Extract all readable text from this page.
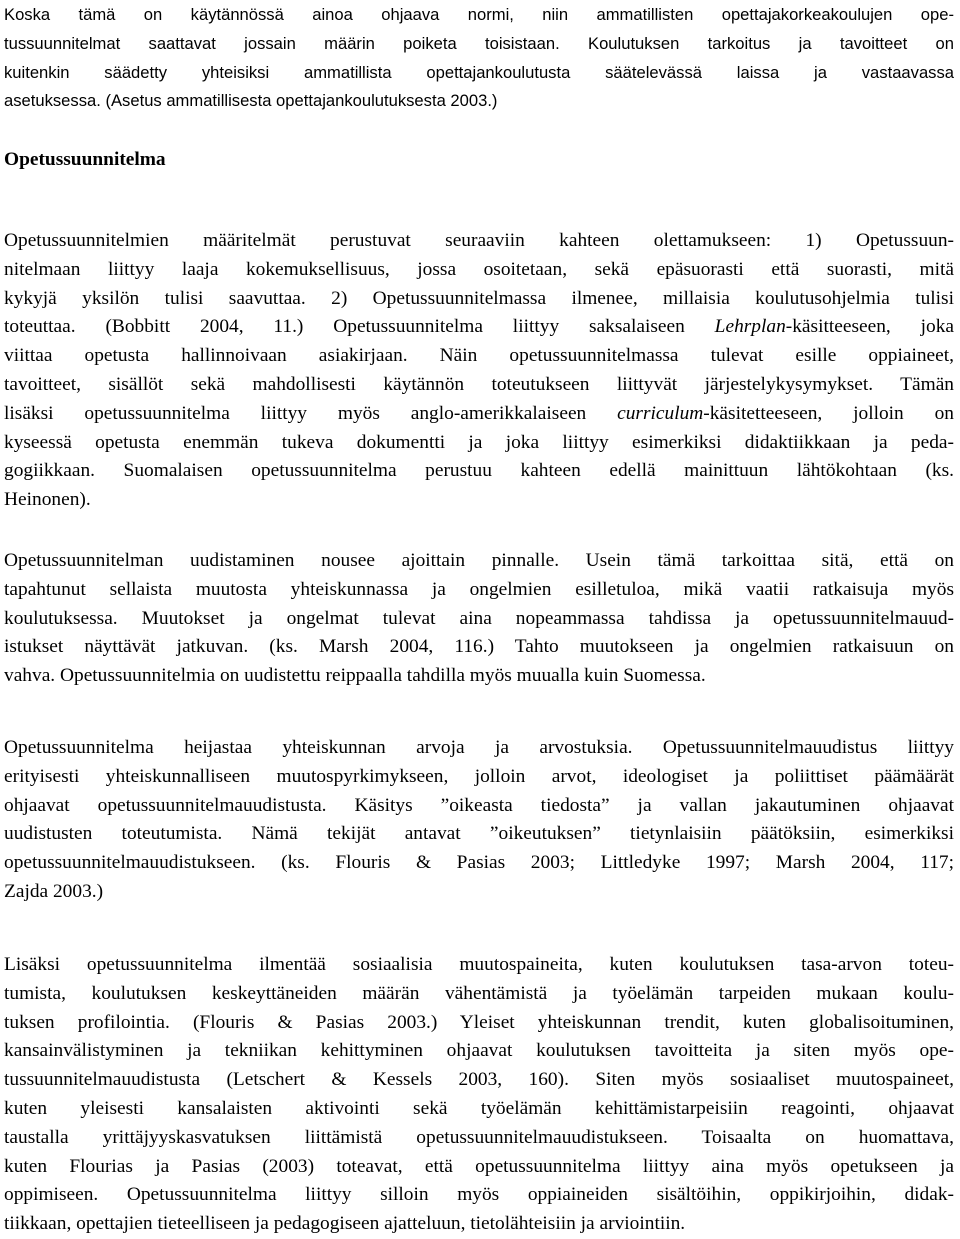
Koska tämä on käytännössä ainoa ohjaava normi, niin ammatillisten opettajakorkeakoulujen ope-
tussuunnitelmat saattavat jossain määrin poiketa toisistaan. Koulutuksen tarkoitus ja tavoitteet on
kuitenkin säädetty yhteisiksi ammatillista opettajankoulutusta säätelevässä laissa ja vastaavassa
asetuksessa. (Asetus ammatillisesta opettajankoulutuksesta 2003.)
Opetussuunnitelma
Opetussuunnitelmien määritelmät perustuvat seuraaviin kahteen olettamukseen: 1) Opetussuun-
nitelmaan liittyy laaja kokemuksellisuus, jossa osoitetaan, sekä epäsuorasti että suorasti, mitä
kykyjä yksilön tulisi saavuttaa. 2) Opetussuunnitelmassa ilmenee, millaisia koulutusohjelmia tulisi
toteuttaa. (Bobbitt 2004, 11.) Opetussuunnitelma liittyy saksalaiseen Lehrplan-käsitteeseen, joka
viittaa opetusta hallinnoivaan asiakirjaan. Näin opetussuunnitelmassa tulevat esille oppiaineet,
tavoitteet, sisällöt sekä mahdollisesti käytännön toteutukseen liittyvät järjestelykysymykset. Tämän
lisäksi opetussuunnitelma liittyy myös anglo-amerikkalaiseen curriculum-käsitetteeseen, jolloin on
kyseessä opetusta enemmän tukeva dokumentti ja joka liittyy esimerkiksi didaktiikkaan ja peda-
gogiikkaan. Suomalaisen opetussuunnitelma perustuu kahteen edellä mainittuun lähtökohtaan (ks.
Heinonen).
Opetussuunnitelman uudistaminen nousee ajoittain pinnalle. Usein tämä tarkoittaa sitä, että on
tapahtunut sellaista muutosta yhteiskunnassa ja ongelmien esilletuloa, mikä vaatii ratkaisuja myös
koulutuksessa. Muutokset ja ongelmat tulevat aina nopeammassa tahdissa ja opetussuunnitelmauud-
istukset näyttävät jatkuvan. (ks. Marsh 2004, 116.) Tahto muutokseen ja ongelmien ratkaisuun on
vahva. Opetussuunnitelmia on uudistettu reippaalla tahdilla myös muualla kuin Suomessa.
Opetussuunnitelma heijastaa yhteiskunnan arvoja ja arvostuksia. Opetussuunnitelmauudistus liittyy
erityisesti yhteiskunnalliseen muutospyrkimykseen, jolloin arvot, ideologiset ja poliittiset päämäärät
ohjaavat opetussuunnitelmauudistusta. Käsitys ”oikeasta tiedosta” ja vallan jakautuminen ohjaavat
uudistusten toteutumista. Nämä tekijät antavat ”oikeutuksen” tietynlaisiin päätöksiin, esimerkiksi
opetussuunnitelmauudistukseen. (ks. Flouris & Pasias 2003; Littledyke 1997; Marsh 2004, 117;
Zajda 2003.)
Lisäksi opetussuunnitelma ilmentää sosiaalisia muutospaineita, kuten koulutuksen tasa-arvon toteu-
tumista, koulutuksen keskeyttäneiden määrän vähentämistä ja työelämän tarpeiden mukaan koulu-
tuksen profilointia. (Flouris & Pasias 2003.) Yleiset yhteiskunnan trendit, kuten globalisoituminen,
kansainvälistyminen ja tekniikan kehittyminen ohjaavat koulutuksen tavoitteita ja siten myös ope-
tussuunnitelmauudistusta (Letschert & Kessels 2003, 160). Siten myös sosiaaliset muutospaineet,
kuten yleisesti kansalaisten aktivointi sekä työelämän kehittämistarpeisiin reagointi, ohjaavat
taustalla yrittäjyyskasvatuksen liittämistä opetussuunnitelmauudistukseen. Toisaalta on huomattava,
kuten Flourias ja Pasias (2003) toteavat, että opetussuunnitelma liittyy aina myös opetukseen ja
oppimiseen. Opetussuunnitelma liittyy silloin myös oppiaineiden sisältöihin, oppikirjoihin, didak-
tiikkaan, opettajien tieteelliseen ja pedagogiseen ajatteluun, tietolähteisiin ja arviointiin.
